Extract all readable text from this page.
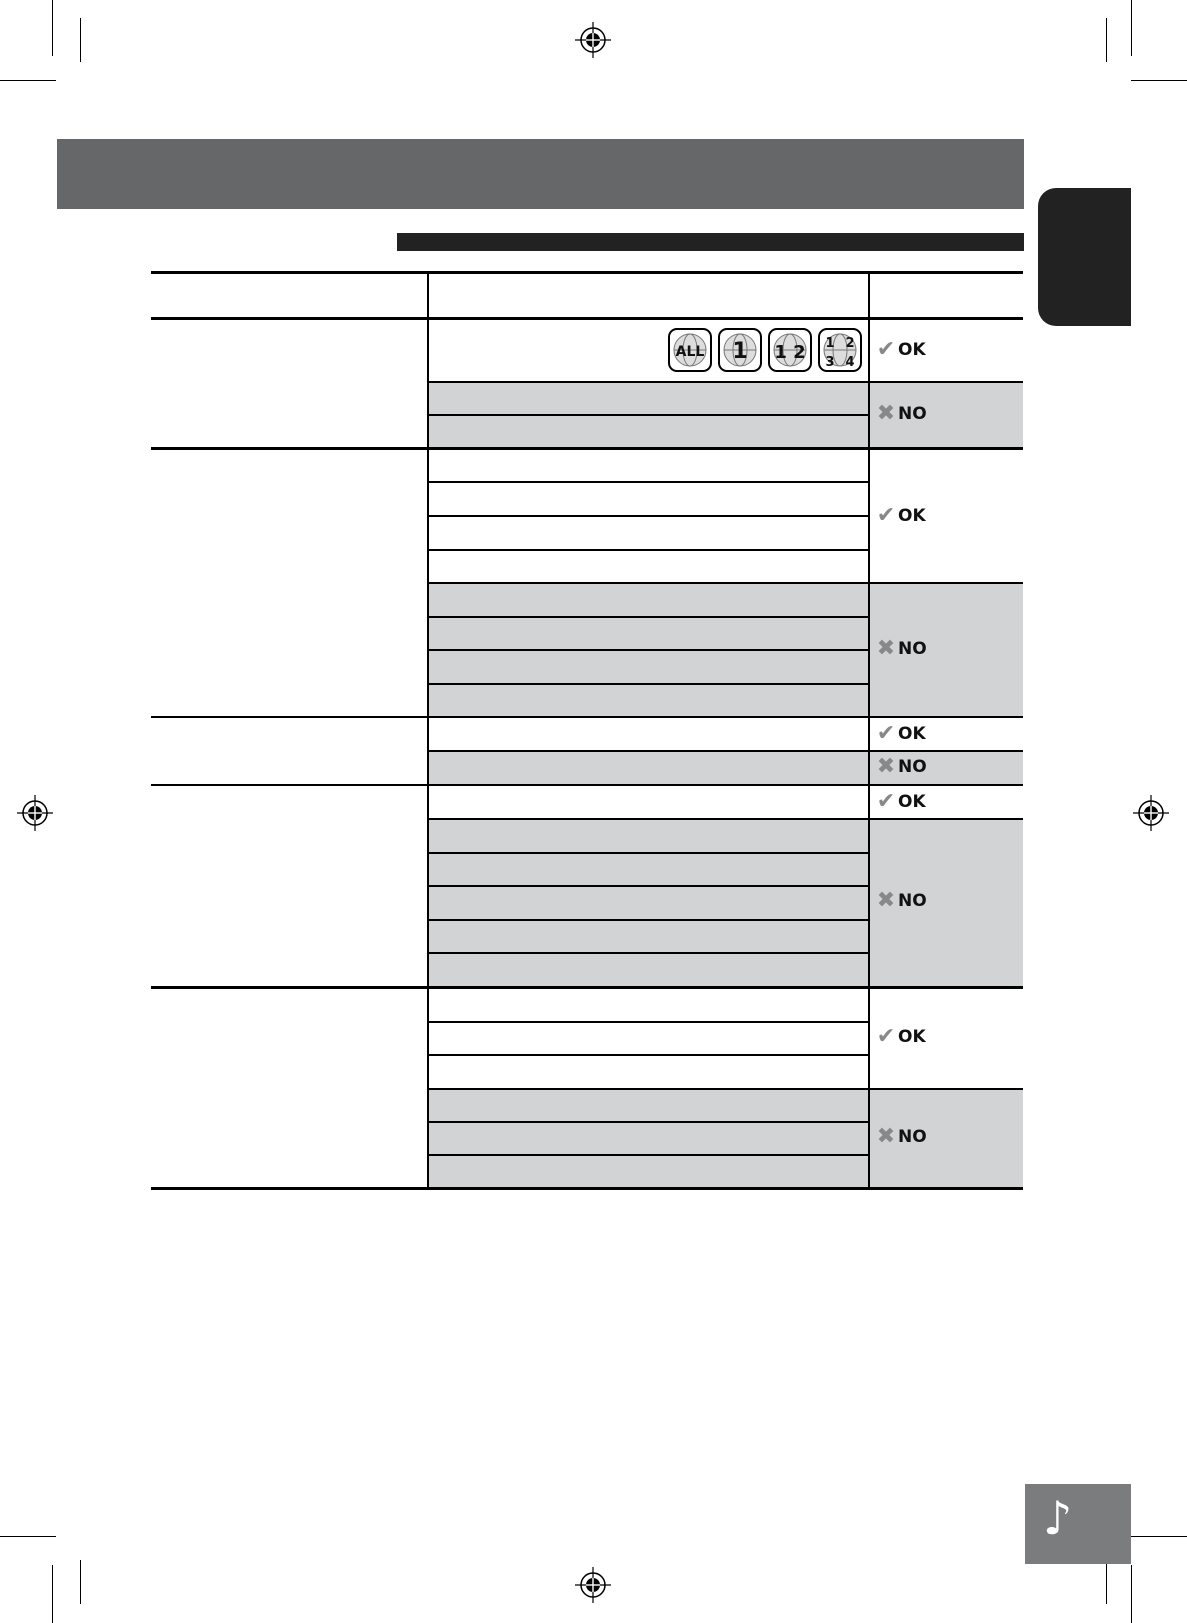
ALL 1 1 2 1 2
3 4
✔ OK
✖ NO
✔ OK
✖ NO
✔ OK
✖ NO
✔ OK
✖ NO
✔ OK
✖ NO
♪
